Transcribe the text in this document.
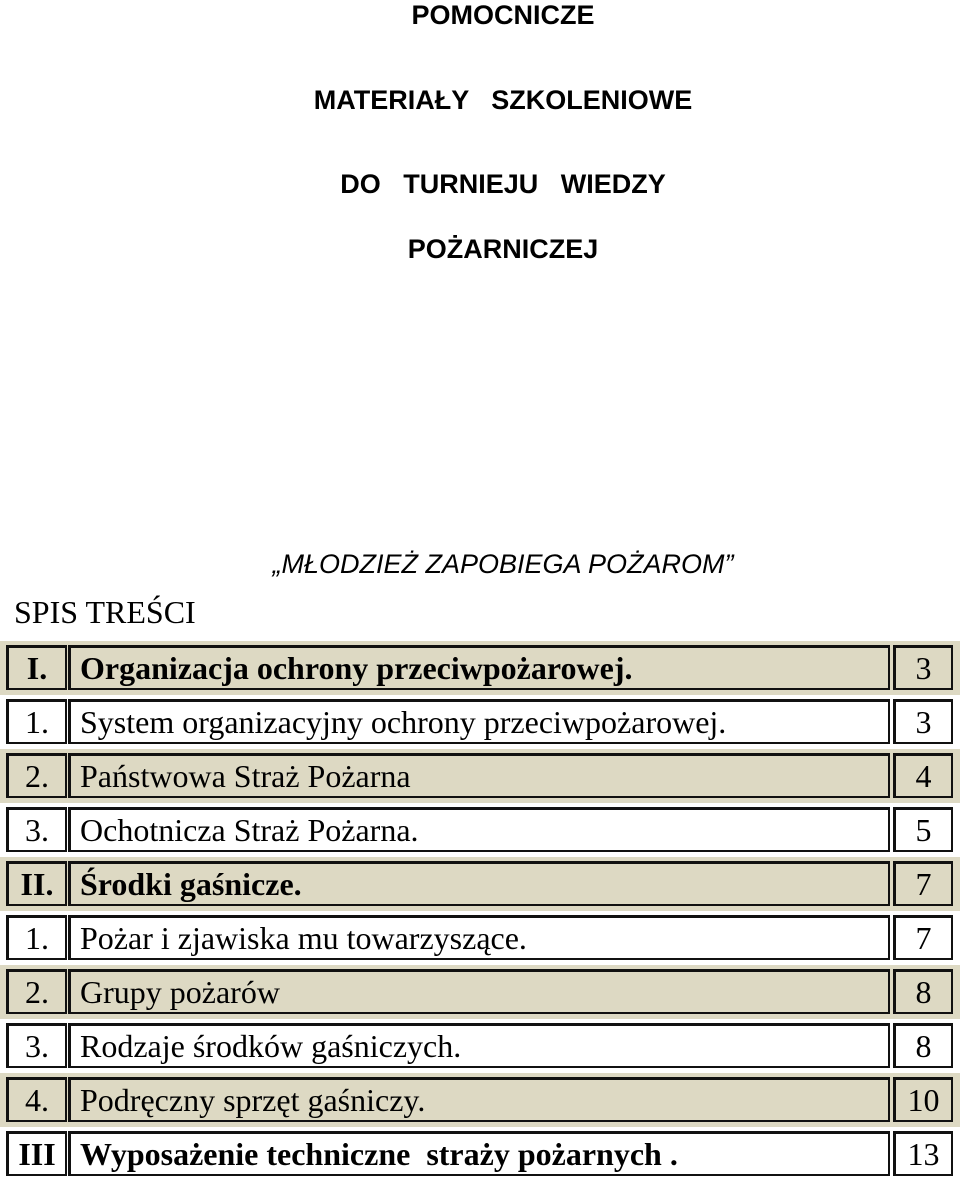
POMOCNICZE
MATERIAŁY   SZKOLENIOWE
DO   TURNIEJU   WIEDZY
POŻARNICZEJ
„MŁODZIEŻ ZAPOBIEGA POŻAROM”
SPIS TREŚCI
I.	Organizacja ochrony przeciwpożarowej.	3
1. System organizacyjny ochrony przeciwpożarowej.	3
2. Państwowa Straż Pożarna	4
3. Ochotnicza Straż Pożarna.	5
II. Środki gaśnicze.	7
1. Pożar i zjawiska mu towarzyszące.	7
2. Grupy pożarów	8
3. Rodzaje środków gaśniczych.	8
4. Podręczny sprzęt gaśniczy.	10
III Wyposażenie techniczne  straży pożarnych .	13
